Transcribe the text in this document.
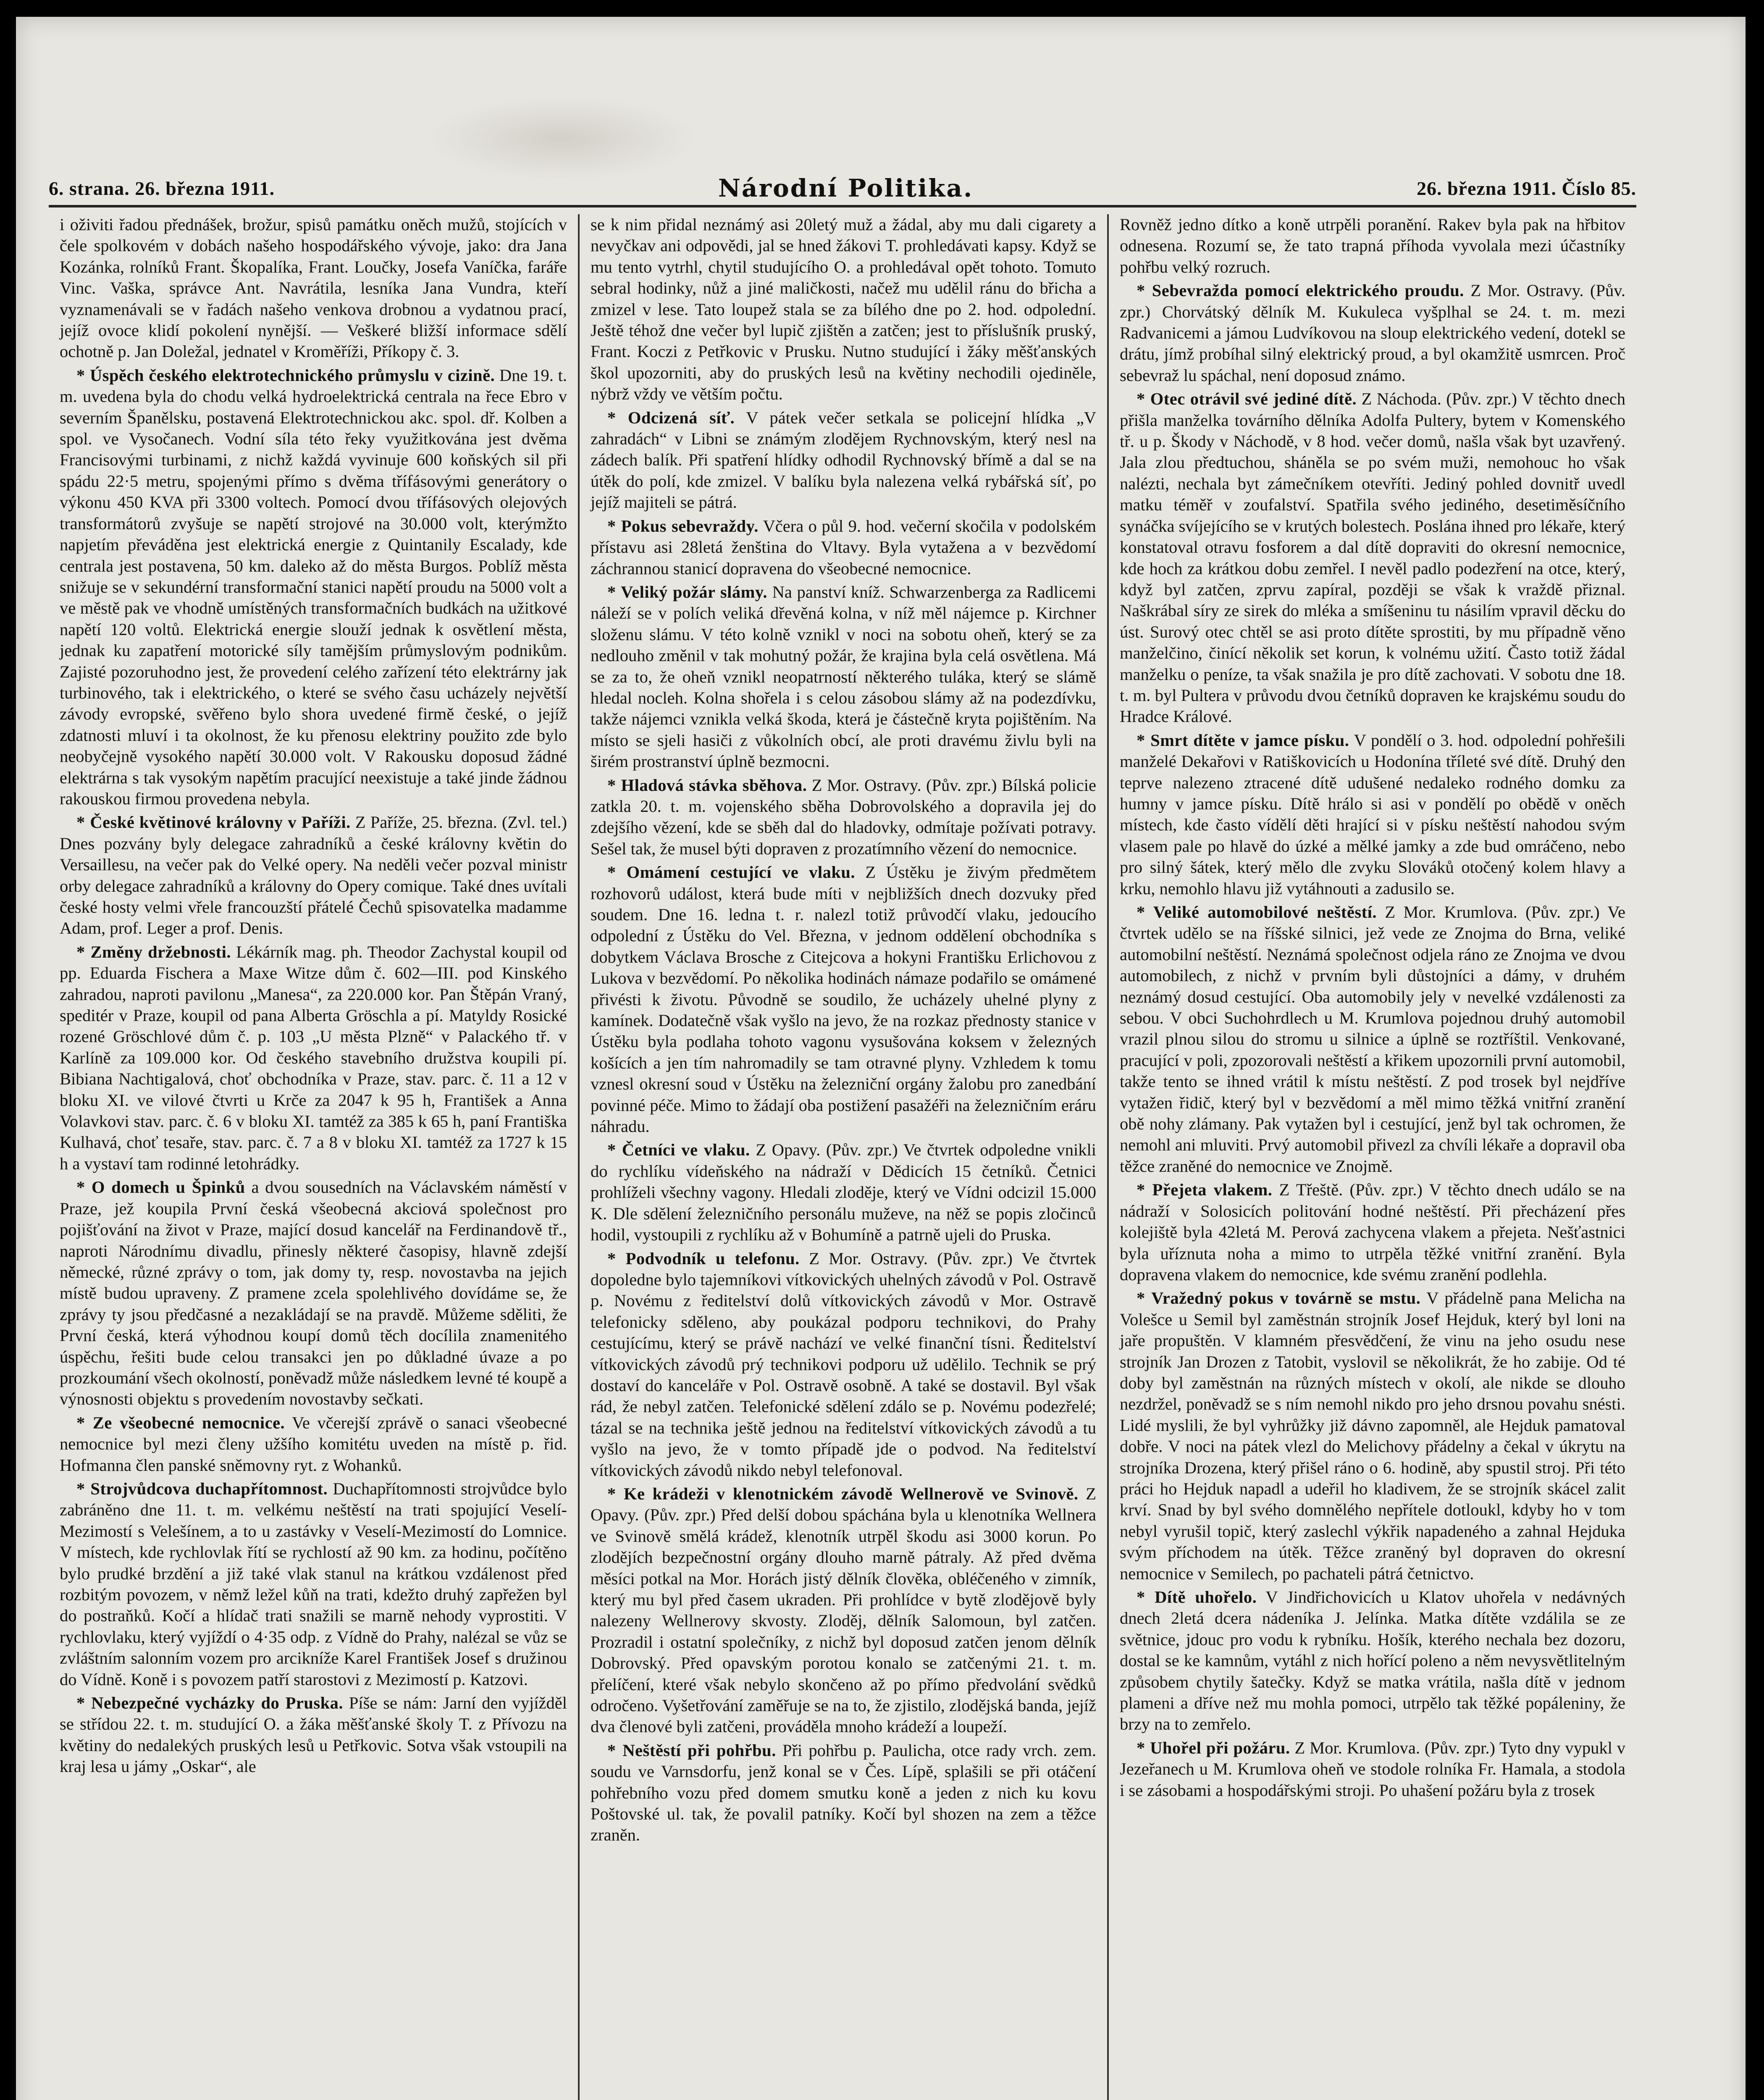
6. strana. 26. března 1911.	Národní Politika.	26. března 1911. Číslo 85.

i oživiti řadou přednášek, brožur, spisů památku oněch mužů, stojících v čele spolkovém v dobách našeho hospodářského vývoje, jako: dra Jana Kozánka, rolníků Frant. Škopalíka, Frant. Loučky, Josefa Vaníčka, faráře Vinc. Vaška, správce Ant. Navrátila, lesníka Jana Vundra, kteří vyznamenávali se v řadách našeho venkova drobnou a vydatnou prací, jejíž ovoce klidí pokolení nynější. — Veškeré bližší informace sdělí ochotně p. Jan Doležal, jednatel v Kroměříži, Příkopy č. 3.

* Úspěch českého elektrotechnického průmyslu v cizině. Dne 19. t. m. uvedena byla do chodu velká hydroelektrická centrala na řece Ebro v severním Španělsku, postavená Elektrotechnickou akc. spol. dř. Kolben a spol. ve Vysočanech. Vodní síla této řeky využitkována jest dvěma Francisovými turbinami, z nichž každá vyvinuje 600 koňských sil při spádu 22·5 metru, spojenými přímo s dvěma třífásovými generátory o výkonu 450 KVA při 3300 voltech. Pomocí dvou třífásových olejových transformátorů zvyšuje se napětí strojové na 30.000 volt, kterýmžto napjetím převáděna jest elektrická energie z Quintanily Escalady, kde centrala jest postavena, 50 km. daleko až do města Burgos. Poblíž města snižuje se v sekundérní transformační stanici napětí proudu na 5000 volt a ve městě pak ve vhodně umístěných transformačních budkách na užitkové napětí 120 voltů. Elektrická energie slouží jednak k osvětlení města, jednak ku zapatření motorické síly tamějším průmyslovým podnikům. Zajisté pozoruhodno jest, že provedení celého zařízení této elektrárny jak turbinového, tak i elektrického, o které se svého času ucházely největší závody evropské, svěřeno bylo shora uvedené firmě české, o jejíž zdatnosti mluví i ta okolnost, že ku přenosu elektriny použito zde bylo neobyčejně vysokého napětí 30.000 volt. V Rakousku doposud žádné elektrárna s tak vysokým napětím pracující neexistuje a také jinde žádnou rakouskou firmou provedena nebyla.

* České květinové královny v Paříži. Z Paříže, 25. března. (Zvl. tel.) Dnes pozvány byly delegace zahradníků a české královny květin do Versaillesu, na večer pak do Velké opery. Na neděli večer pozval ministr orby delegace zahradníků a královny do Opery comique. Také dnes uvítali české hosty velmi vřele francouzští přátelé Čechů spisovatelka madamme Adam, prof. Leger a prof. Denis.

* Změny držebnosti. Lékárník mag. ph. Theodor Zachystal koupil od pp. Eduarda Fischera a Maxe Witze dům č. 602—III. pod Kinského zahradou, naproti pavilonu „Manesa“, za 220.000 kor. Pan Štěpán Vraný, speditér v Praze, koupil od pana Alberta Gröschla a pí. Matyldy Rosické rozené Gröschlové dům č. p. 103 „U města Plzně“ v Palackého tř. v Karlíně za 109.000 kor. Od českého stavebního družstva koupili pí. Bibiana Nachtigalová, choť obchodníka v Praze, stav. parc. č. 11 a 12 v bloku XI. ve vilové čtvrti u Krče za 2047 k 95 h, František a Anna Volavkovi stav. parc. č. 6 v bloku XI. tamtéž za 385 k 65 h, paní Františka Kulhavá, choť tesaře, stav. parc. č. 7 a 8 v bloku XI. tamtéž za 1727 k 15 h a vystaví tam rodinné letohrádky.

* O domech u Špinků a dvou sousedních na Václavském náměstí v Praze, jež koupila První česká všeobecná akciová společnost pro pojišťování na život v Praze, mající dosud kancelář na Ferdinandově tř., naproti Národnímu divadlu, přinesly některé časopisy, hlavně zdejší německé, různé zprávy o tom, jak domy ty, resp. novostavba na jejich místě budou upraveny. Z pramene zcela spolehlivého dovídáme se, že zprávy ty jsou předčasné a nezakládají se na pravdě. Můžeme sděliti, že První česká, která výhodnou koupí domů těch docílila znamenitého úspěchu, řešiti bude celou transakci jen po důkladné úvaze a po prozkoumání všech okolností, poněvadž může následkem levné té koupě a výnosnosti objektu s provedením novostavby sečkati.

* Ze všeobecné nemocnice. Ve včerejší zprávě o sanaci všeobecné nemocnice byl mezi členy užšího komitétu uveden na místě p. řid. Hofmanna člen panské sněmovny ryt. z Wohanků.

* Strojvůdcova duchapřítomnost. Duchapřítomnosti strojvůdce bylo zabráněno dne 11. t. m. velkému neštěstí na trati spojující Veselí-Mezimostí s Velešínem, a to u zastávky v Veselí-Mezimostí do Lomnice. V místech, kde rychlovlak řítí se rychlostí až 90 km. za hodinu, počítěno bylo prudké brzdění a již také vlak stanul na krátkou vzdálenost před rozbitým povozem, v němž ležel kůň na trati, kdežto druhý zapřežen byl do postraňků. Kočí a hlídač trati snažili se marně nehody vyprostiti. V rychlovlaku, který vyjíždí o 4·35 odp. z Vídně do Prahy, nalézal se vůz se zvláštním salonním vozem pro arcikníže Karel František Josef s družinou do Vídně. Koně i s povozem patří starostovi z Mezimostí p. Katzovi.

* Nebezpečné vycházky do Pruska. Píše se nám: Jarní den vyjížděl se střídou 22. t. m. studující O. a žáka měšťanské školy T. z Přívozu na květiny do nedalekých pruských lesů u Petřkovic. Sotva však vstoupili na kraj lesa u jámy „Oskar“, ale

se k nim přidal neznámý asi 20letý muž a žádal, aby mu dali cigarety a nevyčkav ani odpovědi, jal se hned žákovi T. prohledávati kapsy. Když se mu tento vytrhl, chytil studujícího O. a prohledával opět tohoto. Tomuto sebral hodinky, nůž a jiné maličkosti, načež mu udělil ránu do břicha a zmizel v lese. Tato loupež stala se za bílého dne po 2. hod. odpolední. Ještě téhož dne večer byl lupič zjištěn a zatčen; jest to příslušník pruský, Frant. Koczi z Petřkovic v Prusku. Nutno studující i žáky měšťanských škol upozorniti, aby do pruských lesů na květiny nechodili ojediněle, nýbrž vždy ve větším počtu.

* Odcizená síť. V pátek večer setkala se policejní hlídka „V zahradách“ v Libni se známým zlodějem Rychnovským, který nesl na zádech balík. Při spatření hlídky odhodil Rychnovský břímě a dal se na útěk do polí, kde zmizel. V balíku byla nalezena velká rybářská síť, po jejíž majiteli se pátrá.

* Pokus sebevraždy. Včera o půl 9. hod. večerní skočila v podolském přístavu asi 28letá ženština do Vltavy. Byla vytažena a v bezvědomí záchrannou stanicí dopravena do všeobecné nemocnice.

* Veliký požár slámy. Na panství kníž. Schwarzenberga za Radlicemi náleží se v polích veliká dřevěná kolna, v níž měl nájemce p. Kirchner složenu slámu. V této kolně vznikl v noci na sobotu oheň, který se za nedlouho změnil v tak mohutný požár, že krajina byla celá osvětlena. Má se za to, že oheň vznikl neopatrností některého tuláka, který se slámě hledal nocleh. Kolna shořela i s celou zásobou slámy až na podezdívku, takže nájemci vznikla velká škoda, která je částečně kryta pojištěním. Na místo se sjeli hasiči z vůkolních obcí, ale proti dravému živlu byli na širém prostranství úplně bezmocni.

* Hladová stávka sběhova. Z Mor. Ostravy. (Pův. zpr.) Bílská policie zatkla 20. t. m. vojenského sběha Dobrovolského a dopravila jej do zdejšího vězení, kde se sběh dal do hladovky, odmítaje požívati potravy. Sešel tak, že musel býti dopraven z prozatímního vězení do nemocnice.

* Omámení cestující ve vlaku. Z Ústěku je živým předmětem rozhovorů událost, která bude míti v nejbližších dnech dozvuky před soudem. Dne 16. ledna t. r. nalezl totiž průvodčí vlaku, jedoucího odpolední z Ústěku do Vel. Března, v jednom oddělení obchodníka s dobytkem Václava Brosche z Citejcova a hokyni Františku Erlichovou z Lukova v bezvědomí. Po několika hodinách námaze podařilo se omámené přivésti k životu. Původně se soudilo, že ucházely uhelné plyny z kamínek. Dodatečně však vyšlo na jevo, že na rozkaz přednosty stanice v Ústěku byla podlaha tohoto vagonu vysušována koksem v železných košících a jen tím nahromadily se tam otravné plyny. Vzhledem k tomu vznesl okresní soud v Ústěku na železniční orgány žalobu pro zanedbání povinné péče. Mimo to žádají oba postižení pasažéři na železničním eráru náhradu.

* Četníci ve vlaku. Z Opavy. (Pův. zpr.) Ve čtvrtek odpoledne vnikli do rychlíku vídeňského na nádraží v Dědicích 15 četníků. Četnici prohlíželi všechny vagony. Hledali zloděje, který ve Vídni odcizil 15.000 K. Dle sdělení železničního personálu muževe, na něž se popis zločinců hodil, vystoupili z rychlíku až v Bohumíně a patrně ujeli do Pruska.

* Podvodník u telefonu. Z Mor. Ostravy. (Pův. zpr.) Ve čtvrtek dopoledne bylo tajemníkovi vítkovických uhelných závodů v Pol. Ostravě p. Novému z ředitelství dolů vítkovických závodů v Mor. Ostravě telefonicky sděleno, aby poukázal podporu technikovi, do Prahy cestujícímu, který se právě nachází ve velké finanční tísni. Ředitelství vítkovických závodů prý technikovi podporu už udělilo. Technik se prý dostaví do kanceláře v Pol. Ostravě osobně. A také se dostavil. Byl však rád, že nebyl zatčen. Telefonické sdělení zdálo se p. Novému podezřelé; tázal se na technika ještě jednou na ředitelství vítkovických závodů a tu vyšlo na jevo, že v tomto případě jde o podvod. Na ředitelství vítkovických závodů nikdo nebyl telefonoval.

* Ke krádeži v klenotnickém závodě Wellnerově ve Svinově. Z Opavy. (Pův. zpr.) Před delší dobou spáchána byla u klenotníka Wellnera ve Svinově smělá krádež, klenotník utrpěl škodu asi 3000 korun. Po zlodějích bezpečnostní orgány dlouho marně pátraly. Až před dvěma měsíci potkal na Mor. Horách jistý dělník člověka, obléčeného v zimník, který mu byl před časem ukraden. Při prohlídce v bytě zlodějově byly nalezeny Wellnerovy skvosty. Zloděj, dělník Salomoun, byl zatčen. Prozradil i ostatní společníky, z nichž byl doposud zatčen jenom dělník Dobrovský. Před opavským porotou konalo se zatčenými 21. t. m. přelíčení, které však nebylo skončeno až po přímo předvolání svědků odročeno. Vyšetřování zaměřuje se na to, že zjistilo, zlodějská banda, jejíž dva členové byli zatčeni, prováděla mnoho krádeží a loupeží.

* Neštěstí při pohřbu. Při pohřbu p. Paulicha, otce rady vrch. zem. soudu ve Varnsdorfu, jenž konal se v Čes. Lípě, splašili se při otáčení pohřebního vozu před domem smutku koně a jeden z nich ku kovu Poštovské ul. tak, že povalil patníky. Kočí byl shozen na zem a těžce zraněn.

Rovněž jedno dítko a koně utrpěli poranění. Rakev byla pak na hřbitov odnesena. Rozumí se, že tato trapná příhoda vyvolala mezi účastníky pohřbu velký rozruch.

* Sebevražda pomocí elektrického proudu. Z Mor. Ostravy. (Pův. zpr.) Chorvátský dělník M. Kukuleca vyšplhal se 24. t. m. mezi Radvanicemi a jámou Ludvíkovou na sloup elektrického vedení, dotekl se drátu, jímž probíhal silný elektrický proud, a byl okamžitě usmrcen. Proč sebevraž lu spáchal, není doposud známo.

* Otec otrávil své jediné dítě. Z Náchoda. (Pův. zpr.) V těchto dnech přišla manželka továrního dělníka Adolfa Pultery, bytem v Komenského tř. u p. Škody v Náchodě, v 8 hod. večer domů, našla však byt uzavřený. Jala zlou předtuchou, sháněla se po svém muži, nemohouc ho však nalézti, nechala byt zámečníkem otevříti. Jediný pohled dovnitř uvedl matku téměř v zoufalství. Spatřila svého jediného, desetiměsíčního synáčka svíjejícího se v krutých bolestech. Poslána ihned pro lékaře, který konstatoval otravu fosforem a dal dítě dopraviti do okresní nemocnice, kde hoch za krátkou dobu zemřel. I nevěl padlo podezření na otce, který, když byl zatčen, zprvu zapíral, později se však k vraždě přiznal. Naškrábal síry ze sirek do mléka a smíšeninu tu násilím vpravil děcku do úst. Surový otec chtěl se asi proto dítěte sprostiti, by mu případně věno manželčino, činící několik set korun, k volnému užití. Často totiž žádal manželku o peníze, ta však snažila je pro dítě zachovati. V sobotu dne 18. t. m. byl Pultera v průvodu dvou četníků dopraven ke krajskému soudu do Hradce Králové.

* Smrt dítěte v jamce písku. V pondělí o 3. hod. odpolední pohřešili manželé Dekařovi v Ratiškovicích u Hodonína tříleté své dítě. Druhý den teprve nalezeno ztracené dítě udušené nedaleko rodného domku za humny v jamce písku. Dítě hrálo si asi v pondělí po obědě v oněch místech, kde často vídělí děti hrající si v písku neštěstí nahodou svým vlasem pale po hlavě do úzké a mělké jamky a zde bud omráčeno, nebo pro silný šátek, který mělo dle zvyku Slováků otočený kolem hlavy a krku, nemohlo hlavu již vytáhnouti a zadusilo se.

* Veliké automobilové neštěstí. Z Mor. Krumlova. (Pův. zpr.) Ve čtvrtek udělo se na říšské silnici, jež vede ze Znojma do Brna, veliké automobilní neštěstí. Neznámá společnost odjela ráno ze Znojma ve dvou automobilech, z nichž v prvním byli důstojníci a dámy, v druhém neznámý dosud cestující. Oba automobily jely v nevelké vzdálenosti za sebou. V obci Suchohrdlech u M. Krumlova pojednou druhý automobil vrazil plnou silou do stromu u silnice a úplně se roztříštil. Venkované, pracující v poli, zpozorovali neštěstí a křikem upozornili první automobil, takže tento se ihned vrátil k místu neštěstí. Z pod trosek byl nejdříve vytažen řidič, který byl v bezvědomí a měl mimo těžká vnitřní zranění obě nohy zlámany. Pak vytažen byl i cestující, jenž byl tak ochromen, že nemohl ani mluviti. Prvý automobil přivezl za chvíli lékaře a dopravil oba těžce zraněné do nemocnice ve Znojmě.

* Přejeta vlakem. Z Třeště. (Pův. zpr.) V těchto dnech událo se na nádraží v Solosicích politování hodné neštěstí. Při přecházení přes kolejiště byla 42letá M. Perová zachycena vlakem a přejeta. Nešťastnici byla uříznuta noha a mimo to utrpěla těžké vnitřní zranění. Byla dopravena vlakem do nemocnice, kde svému zranění podlehla.

* Vražedný pokus v továrně se mstu. V přádelně pana Melicha na Volešce u Semil byl zaměstnán strojník Josef Hejduk, který byl loni na jaře propuštěn. V klamném přesvědčení, že vinu na jeho osudu nese strojník Jan Drozen z Tatobit, vyslovil se několikrát, že ho zabije. Od té doby byl zaměstnán na různých místech v okolí, ale nikde se dlouho nezdržel, poněvadž se s ním nemohl nikdo pro jeho drsnou povahu snésti. Lidé myslili, že byl vyhrůžky již dávno zapomněl, ale Hejduk pamatoval dobře. V noci na pátek vlezl do Melichovy přádelny a čekal v úkrytu na strojníka Drozena, který přišel ráno o 6. hodině, aby spustil stroj. Při této práci ho Hejduk napadl a udeřil ho kladivem, že se strojník skácel zalit krví. Snad by byl svého domnělého nepřítele dotloukl, kdyby ho v tom nebyl vyrušil topič, který zaslechl výkřik napadeného a zahnal Hejduka svým příchodem na útěk. Těžce zraněný byl dopraven do okresní nemocnice v Semilech, po pachateli pátrá četnictvo.

* Dítě uhořelo. V Jindřichovicích u Klatov uhořela v nedávných dnech 2letá dcera nádeníka J. Jelínka. Matka dítěte vzdálila se ze světnice, jdouc pro vodu k rybníku. Hošík, kterého nechala bez dozoru, dostal se ke kamnům, vytáhl z nich hořící poleno a něm nevysvětlitelným způsobem chytily šatečky. Když se matka vrátila, našla dítě v jednom plameni a dříve než mu mohla pomoci, utrpělo tak těžké popáleniny, že brzy na to zemřelo.

* Uhořel při požáru. Z Mor. Krumlova. (Pův. zpr.) Tyto dny vypukl v Jezeřanech u M. Krumlova oheň ve stodole rolníka Fr. Hamala, a stodola i se zásobami a hospodářskými stroji. Po uhašení požáru byla z trosek
